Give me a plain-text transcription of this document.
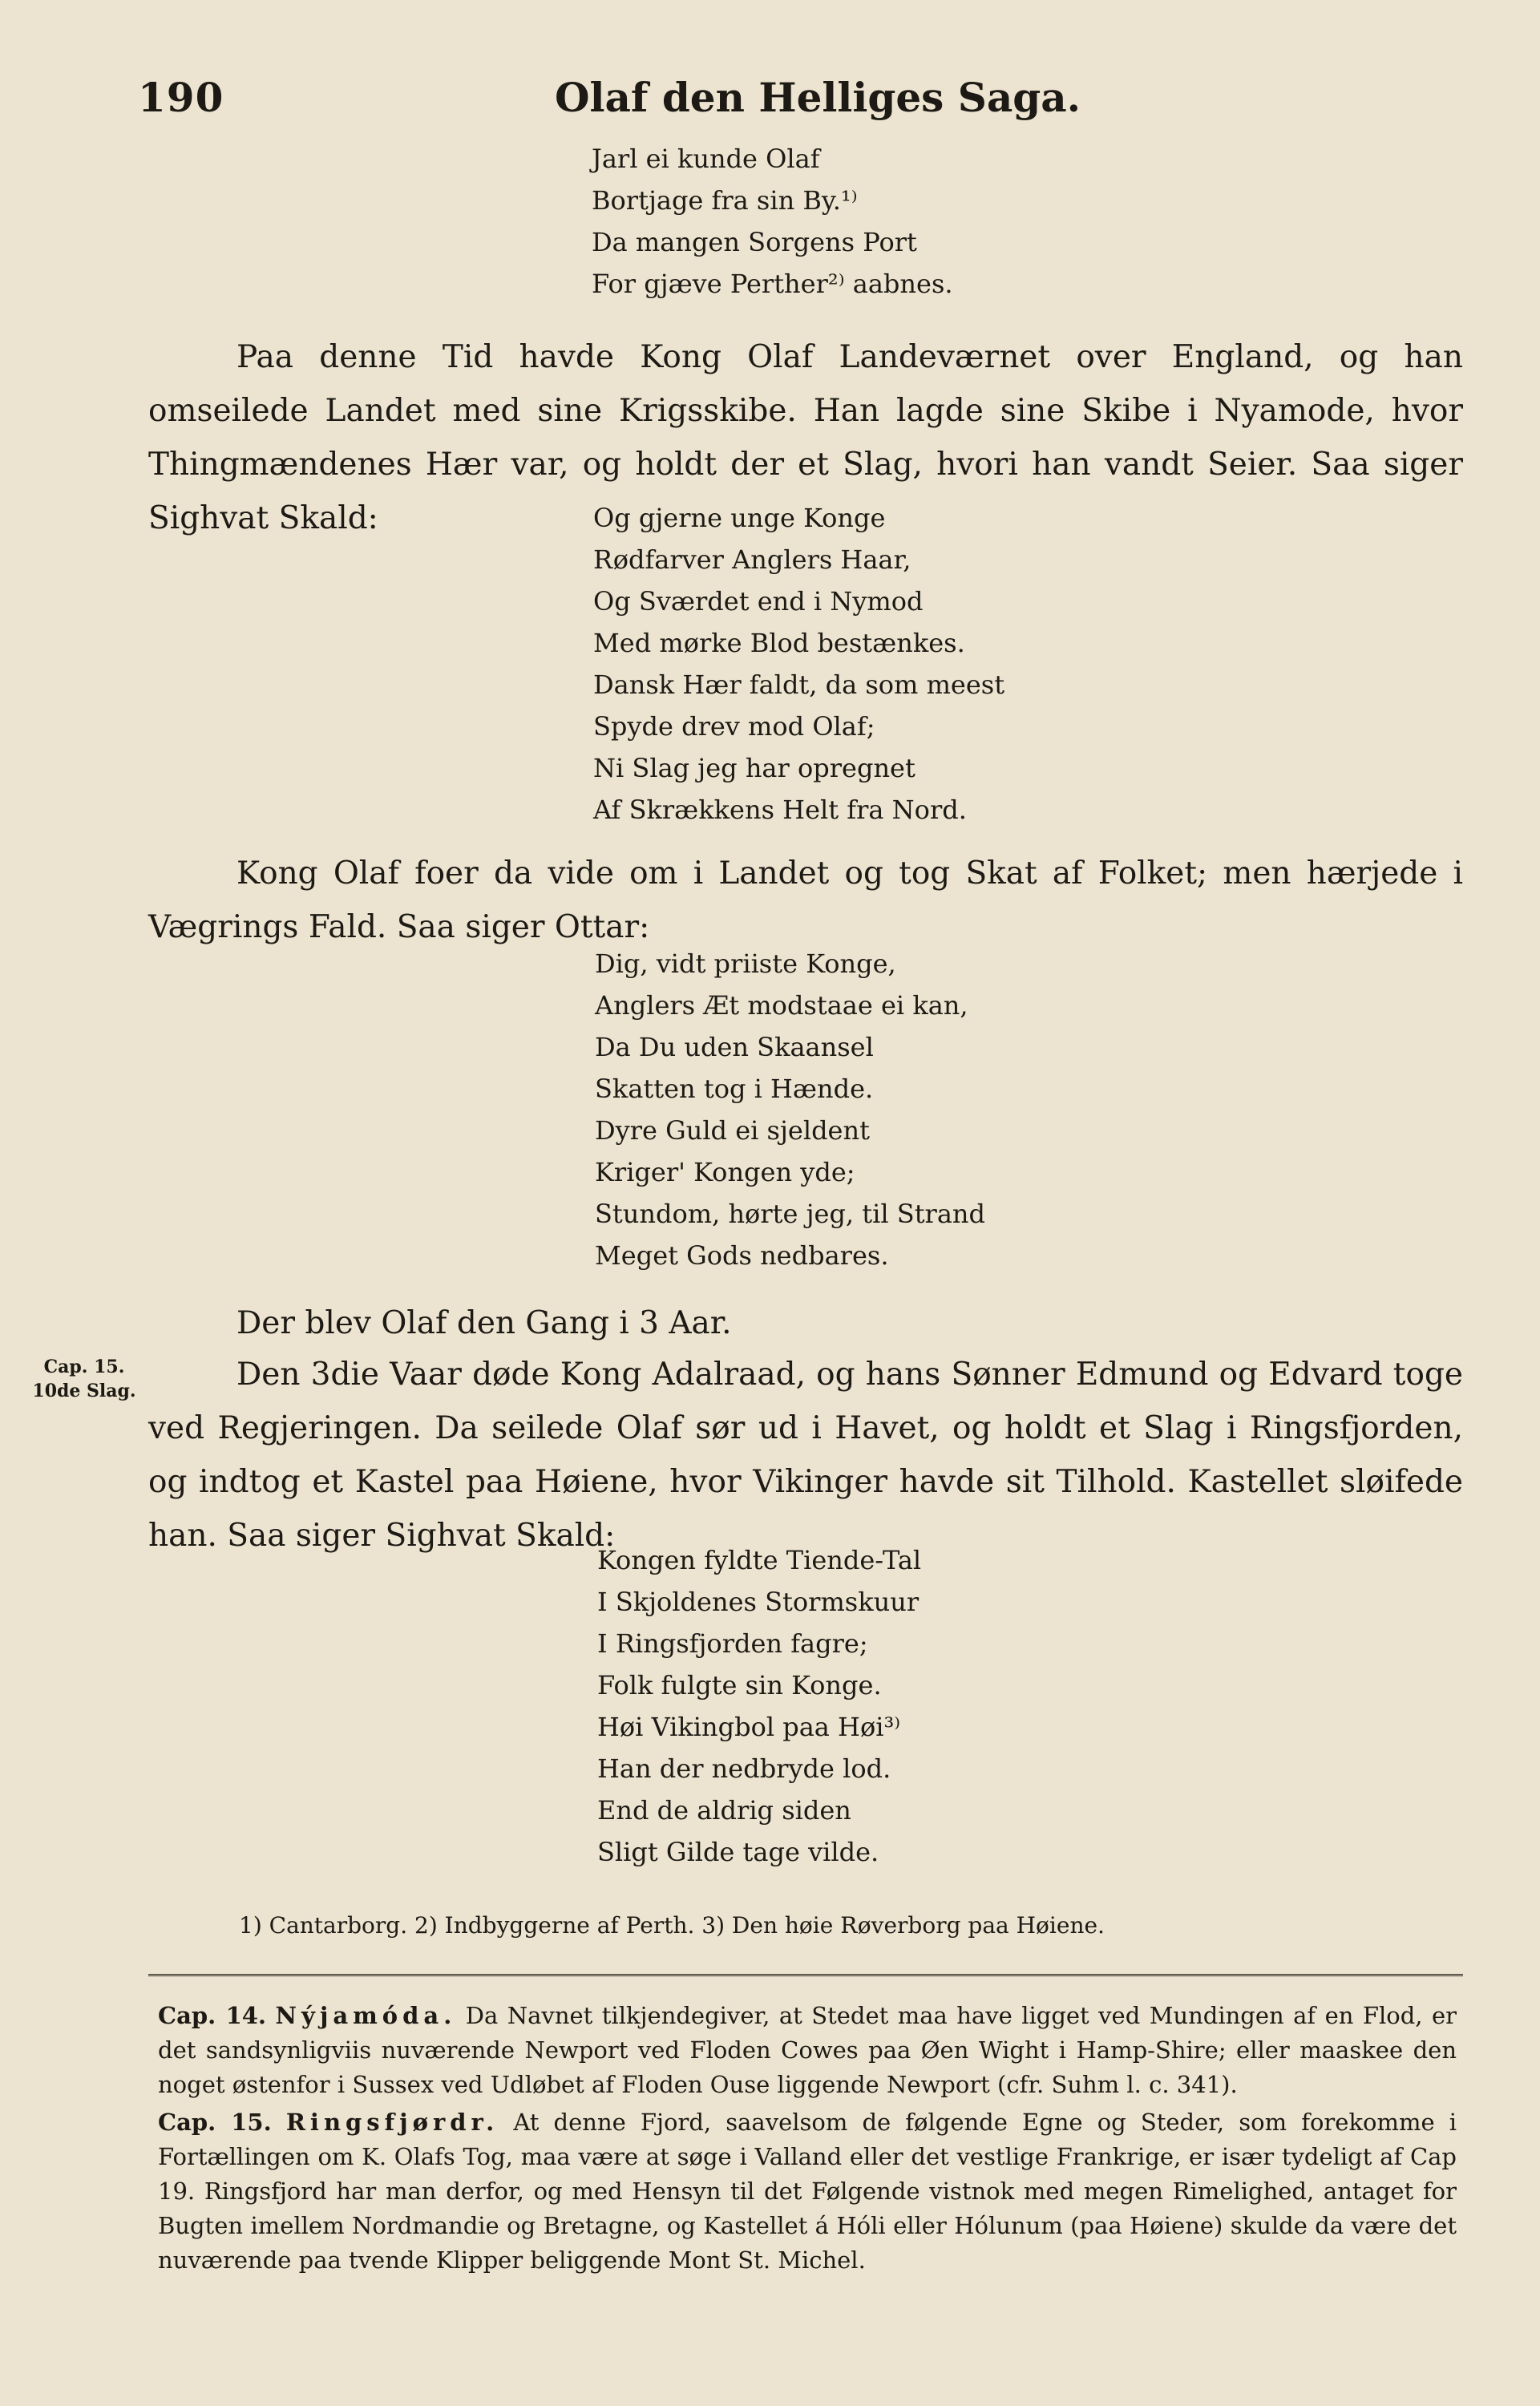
190	Olaf den Helliges Saga.
Jarl ei kunde Olaf
Bortjage fra sin By.¹⁾
Da mangen Sorgens Port
For gjæve Perther²⁾ aabnes.

Paa denne Tid havde Kong Olaf Landeværnet over England, og han omseilede Landet med sine Krigsskibe. Han lagde sine Skibe i Nyamode, hvor Thingmændenes Hær var, og holdt der et Slag, hvori han vandt Seier. Saa siger Sighvat Skald:	Og gjerne unge Konge
Rødfarver Anglers Haar,
Og Sværdet end i Nymod
Med mørke Blod bestænkes.
Dansk Hær faldt, da som meest
Spyde drev mod Olaf;
Ni Slag jeg har opregnet
Af Skrækkens Helt fra Nord.

Kong Olaf foer da vide om i Landet og tog Skat af Folket; men hærjede i Vægrings Fald. Saa siger Ottar:

Dig, vidt priiste Konge,
Anglers Æt modstaae ei kan,
Da Du uden Skaansel
Skatten tog i Hænde.
Dyre Guld ei sjeldent
Kriger' Kongen yde;
Stundom, hørte jeg, til Strand
Meget Gods nedbares.

Der blev Olaf den Gang i 3 Aar.

Cap. 15.
10de Slag.	Den 3die Vaar døde Kong Adalraad, og hans Sønner Edmund og Edvard toge ved Regjeringen. Da seilede Olaf sør ud i Havet, og holdt et Slag i Ringsfjorden, og indtog et Kastel paa Høiene, hvor Vikinger havde sit Tilhold. Kastellet sløifede han. Saa siger Sighvat Skald:

Kongen fyldte Tiende-Tal
I Skjoldenes Stormskuur
I Ringsfjorden fagre;
Folk fulgte sin Konge.
Høi Vikingbol paa Høi³⁾
Han der nedbryde lod.
End de aldrig siden
Sligt Gilde tage vilde.
1) Cantarborg. 2) Indbyggerne af Perth. 3) Den høie Røverborg paa Høiene.

Cap. 14. Nýjamóda. Da Navnet tilkjendegiver, at Stedet maa have ligget ved Mundingen af en Flod, er det sandsynligviis nuværende Newport ved Floden Cowes paa Øen Wight i Hamp-Shire; eller maaskee den noget østenfor i Sussex ved Udløbet af Floden Ouse liggende Newport (cfr. Suhm l. c. 341).

Cap. 15. Ringsfjørdr. At denne Fjord, saavelsom de følgende Egne og Steder, som forekomme i Fortællingen om K. Olafs Tog, maa være at søge i Valland eller det vestlige Frankrige, er især tydeligt af Cap 19. Ringsfjord har man derfor, og med Hensyn til det Følgende vistnok med megen Rimelighed, antaget for Bugten imellem Nordmandie og Bretagne, og Kastellet á Hóli eller Hólunum (paa Høiene) skulde da være det nuværende paa tvende Klipper beliggende Mont St. Michel.
